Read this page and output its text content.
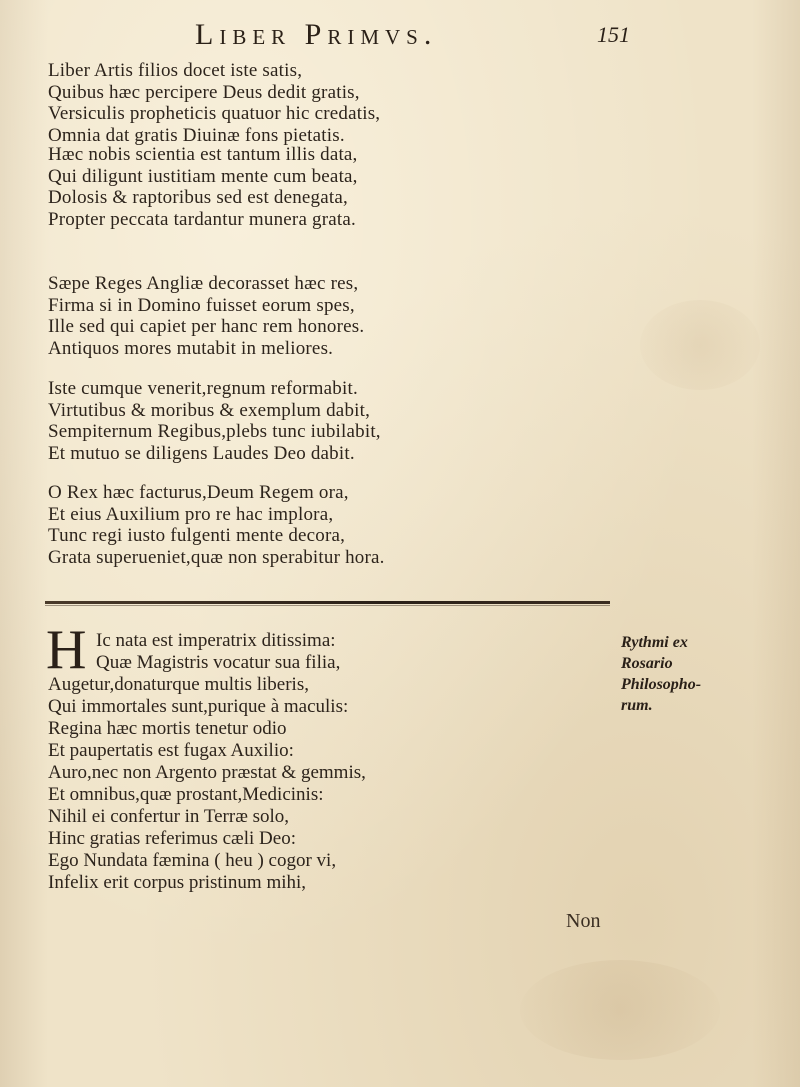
Liber Primvs.	151
Liber Artis filios docet iste satis,
Quibus hæc percipere Deus dedit gratis,
Versiculis propheticis quatuor hic credatis,
Omnia dat gratis Diuinæ fons pietatis.
Hæc nobis scientia est tantum illis data,
Qui diligunt iustitiam mente cum beata,
Dolosis & raptoribus sed est denegata,
Propter peccata tardantur munera grata.
Sæpe Reges Angliæ decorasset hæc res,
Firma si in Domino fuisset eorum spes,
Ille sed qui capiet per hanc rem honores.
Antiquos mores mutabit in meliores.
Iste cumque venerit,regnum reformabit.
Virtutibus & moribus & exemplum dabit,
Sempiternum Regibus,plebs tunc iubilabit,
Et mutuo se diligens Laudes Deo dabit.
O Rex hæc facturus,Deum Regem ora,
Et eius Auxilium pro re hac implora,
Tunc regi iusto fulgenti mente decora,
Grata superueniet,quæ non sperabitur hora.
H Ic nata est imperatrix ditissima:
Quæ Magistris vocatur sua filia,
Augetur,donaturque multis liberis,
Qui immortales sunt,purique à maculis:
Regina hæc mortis tenetur odio
Et paupertatis est fugax Auxilio:
Auro,nec non Argento præstat & gemmis,
Et omnibus,quæ prostant,Medicinis:
Nihil ei confertur in Terræ solo,
Hinc gratias referimus cæli Deo:
Ego Nundata fæmina ( heu ) cogor vi,
Infelix erit corpus pristinum mihi,
Rythmi ex
Rosario
Philosopho-
rum.
Non
